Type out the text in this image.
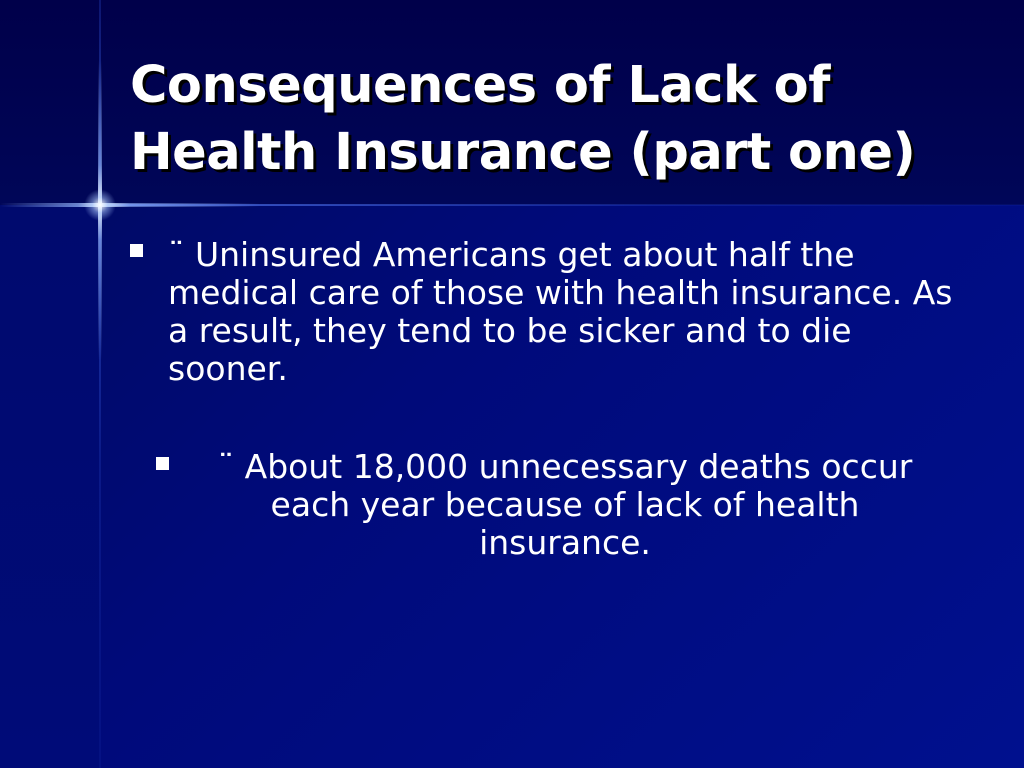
Consequences of Lack of
Health Insurance (part one)
¨ Uninsured Americans get about half the medical care of those with health insurance. As a result, they tend to be sicker and to die sooner.
¨ About 18,000 unnecessary deaths occur each year because of lack of health insurance.
